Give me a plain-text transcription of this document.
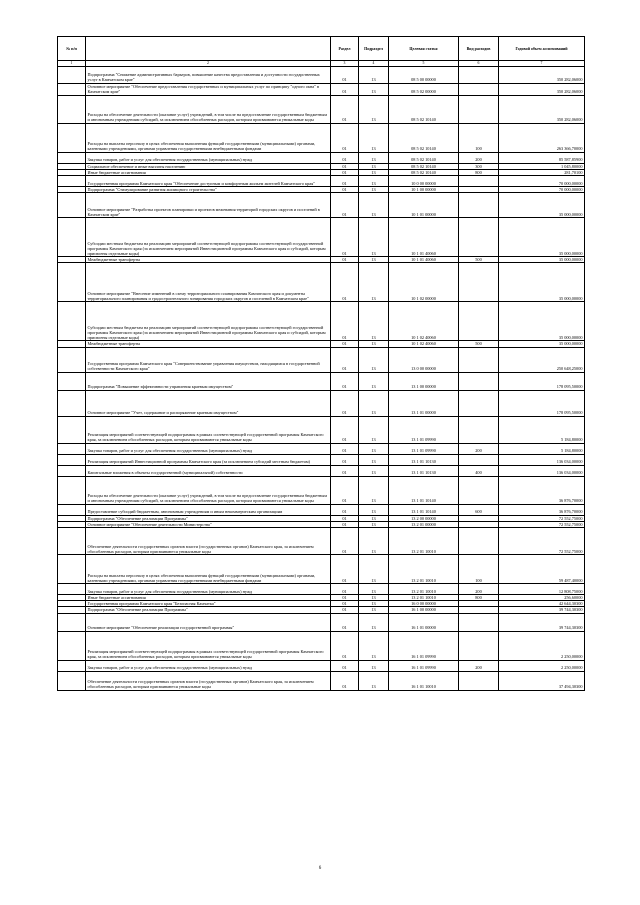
№ п/п		Раздел	Подраздел	Целевая статья	Вид расходов	Годовой объем ассигнований
1	2	3	4	5	6	7
	Подпрограмма "Снижение административных барьеров, повышение качества предоставления и доступности государственных услуг в Камчатском крае"	01	13	08 5 00 00000		350 282,06000
	Основное мероприятие "Обеспечение предоставления государственных и муниципальных услуг по принципу "одного окна" в Камчатском крае"	01	13	08 5 02 00000		350 282,06000
	Расходы на обеспечение деятельности (оказание услуг) учреждений, в том числе на предоставление государственным бюджетным и автономным учреждениям субсидий, за исключением обособленных расходов, которым присваиваются уникальные коды	01	13	08 5 02 10140		350 282,06000
	Расходы на выплаты персоналу в целях обеспечения выполнения функций государственными (муниципальными) органами, казенными учреждениями, органами управления государственными внебюджетными фондами	01	13	08 5 02 10140	100	263 366,70000
	Закупка товаров, работ и услуг для обеспечения государственных (муниципальных) нужд	01	13	08 5 02 10140	200	85 587,85900
	Социальное обеспечение и иные выплаты населению	01	13	08 5 02 10140	300	1 045,80000
	Иные бюджетные ассигнования	01	13	08 5 02 10140	800	281,70100
	Государственная программа Камчатского края "Обеспечение доступным и комфортным жильем жителей Камчатского края"	01	13	10 0 00 00000		70 000,00000
	Подпрограмма "Стимулирование развития жилищного строительства"	01	13	10 1 00 00000		70 000,00000
	Основное мероприятие "Разработка проектов планировки и проектов межевания территорий городских округов и поселений в Камчатском крае"	01	13	10 1 01 00000		35 000,00000
	Субсидии местным бюджетам на реализацию мероприятий соответствующей подпрограммы соответствующей государственной программы Камчатского края (за исключением мероприятий Инвестиционной программы Камчатского края и субсидий, которым присвоены отдельные коды)	01	13	10 1 01 40060		35 000,00000
	Межбюджетные трансферты	01	13	10 1 01 40060	500	35 000,00000
	Основное мероприятие "Внесение изменений в схему территориального планирования Камчатского края и документы территориального планирования и градостроительного зонирования городских округов и поселений в Камчатском крае"	01	13	10 1 02 00000		35 000,00000
	Субсидии местным бюджетам на реализацию мероприятий соответствующей подпрограммы соответствующей государственной программы Камчатского края (за исключением мероприятий Инвестиционной программы Камчатского края и субсидий, которым присвоены отдельные коды)	01	13	10 1 02 40060		35 000,00000
	Межбюджетные трансферты	01	13	10 1 02 40060	500	35 000,00000
	Государственная программа Камчатского края "Совершенствование управления имуществом, находящимся в государственной собственности Камчатского края"	01	13	13 0 00 00000		250 648,25000
	Подпрограмма "Повышение эффективности управления краевым имуществом"	01	13	13 1 00 00000		178 095,50000
	Основное мероприятие "Учет, содержание и распоряжение краевым имуществом"	01	13	13 1 01 00000		178 095,50000
	Реализация мероприятий соответствующей подпрограммы в рамках соответствующей государственной программы Камчатского края, за исключением обособленных расходов, которым присваиваются уникальные коды	01	13	13 1 01 09990		5 184,80000
	Закупка товаров, работ и услуг для обеспечения государственных (муниципальных) нужд	01	13	13 1 01 09990	200	5 184,80000
	Реализация мероприятий Инвестиционной программы Камчатского края (за исключением субсидий местным бюджетам)	01	13	13 1 01 10130		136 034,00000
	Капитальные вложения в объекты государственной (муниципальной) собственности	01	13	13 1 01 10130	400	136 034,00000
	Расходы на обеспечение деятельности (оказание услуг) учреждений, в том числе на предоставление государственным бюджетным и автономным учреждениям субсидий, за исключением обособленных расходов, которым присваиваются уникальные коды	01	13	13 1 01 10140		36 876,70000
	Предоставление субсидий бюджетным, автономным учреждениям и иным некоммерческим организациям	01	13	13 1 01 10140	600	36 876,70000
	Подпрограмма "Обеспечение реализации Программы"	01	13	13 2 00 00000		72 552,75000
	Основное мероприятие "Обеспечение деятельности Министерства"	01	13	13 2 01 00000		72 552,75000
	Обеспечение деятельности государственных органов власти (государственных органов) Камчатского края, за исключением обособленных расходов, которым присваиваются уникальные коды	01	13	13 2 01 10010		72 552,75000
	Расходы на выплаты персоналу в целях обеспечения выполнения функций государственными (муниципальными) органами, казенными учреждениями, органами управления государственными внебюджетными фондами	01	13	13 2 01 10010	100	59 487,40000
	Закупка товаров, работ и услуг для обеспечения государственных (муниципальных) нужд	01	13	13 2 01 10010	200	12 808,75000
	Иные бюджетные ассигнования	01	13	13 2 01 10010	800	256,60000
	Государственная программа Камчатского края "Безопасная Камчатка"	01	13	16 0 00 00000		42 644,30300
	Подпрограмма "Обеспечение реализации Программы"	01	13	16 1 00 00000		39 744,30300
	Основное мероприятие "Обеспечение реализации государственной программы"	01	13	16 1 01 00000		39 744,30300
	Реализация мероприятий соответствующей подпрограммы в рамках соответствующей государственной программы Камчатского края, за исключением обособленных расходов, которым присваиваются уникальные коды	01	13	16 1 01 09990		2 250,00000
	Закупка товаров, работ и услуг для обеспечения государственных (муниципальных) нужд	01	13	16 1 01 09990	200	2 250,00000
	Обеспечение деятельности государственных органов власти (государственных органов) Камчатского края, за исключением обособленных расходов, которым присваиваются уникальные коды	01	13	16 1 01 10010		37 494,30300
6
